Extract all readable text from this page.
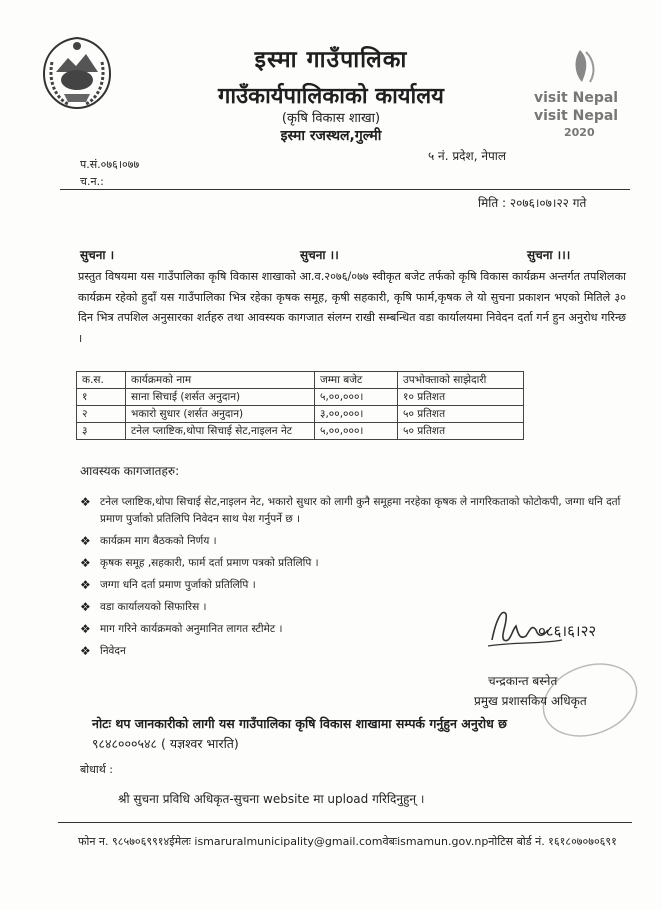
इस्मा गाउँपालिका
गाउँकार्यपालिकाको कार्यालय
(कृषि विकास शाखा)
इस्मा रजस्थल,गुल्मी
visit Nepal
visit Nepal
2020
प.सं.०७६।०७७
च.न.:
५ नं. प्रदेश, नेपाल
मिति : २०७६।०७।२२ गते
सुचना ।	सुचना ।।	सुचना ।।।
प्रस्तुत विषयमा यस गाउँपालिका कृषि विकास शाखाको आ.व.२०७६/०७७ स्वीकृत बजेट तर्फको कृषि विकास कार्यक्रम अन्तर्गत तपशिलका कार्यक्रम रहेको हुदाँ यस गाउँपालिका भित्र रहेका कृषक समूह, कृषी सहकारी, कृषि फार्म,कृषक ले यो सुचना प्रकाशन भएको मितिले ३० दिन भित्र तपशिल अनुसारका शर्तहरु तथा आवस्यक कागजात संलग्न राखी सम्बन्धित वडा कार्यालयमा निवेदन दर्ता गर्न हुन अनुरोध गरिन्छ ।
क.स.	कार्यक्रमको नाम	जम्मा बजेट	उपभोक्ताको साझेदारी
१	साना सिचाई (शर्सत अनुदान)	५,००,०००।	१० प्रतिशत
२	भकारो सुधार (शर्सत अनुदान)	३,००,०००।	५० प्रतिशत
३	टनेल प्लाष्टिक,थोपा सिचाई सेट,नाइलन नेट	५,००,०००।	५० प्रतिशत
आवस्यक कागजातहरु:
❖ टनेल प्लाष्टिक,थोपा सिचाई सेट,नाइलन नेट, भकारो सुधार को लागी कुनै समूहमा नरहेका कृषक ले नागरिकताको फोटोकपी, जग्गा धनि दर्ता प्रमाण पुर्जाको प्रतिलिपि निवेदन साथ पेश गर्नुपर्ने छ ।
❖ कार्यक्रम माग बैठकको निर्णय ।
❖ कृषक समूह ,सहकारी, फार्म दर्ता प्रमाण पत्रको प्रतिलिपि ।
❖ जग्गा धनि दर्ता प्रमाण पुर्जाको प्रतिलिपि ।
❖ वडा कार्यालयको सिफारिस ।
❖ माग गरिने कार्यक्रमको अनुमानित लागत स्टीमेट ।
❖ निवेदन
०८६।६।२२
चन्द्रकान्त बस्नेत
प्रमुख प्रशासकिय अधिकृत
नोटः थप जानकारीको लागी यस गाउँपालिका कृषि विकास शाखामा सम्पर्क गर्नुहुन अनुरोध छ
९८४८०००५४८ ( यज्ञश्वर भारति)
बोधार्थ :
श्री सुचना प्रविधि अधिकृत-सुचना website मा upload गरिदिनुहुन् ।
फोन न. ९८५७०६९९१४ईमेलः ismaruralmunicipality@gmail.comवेबःismamun.gov.npनोटिस बोर्ड नं. १६१८०७०७०६९१
